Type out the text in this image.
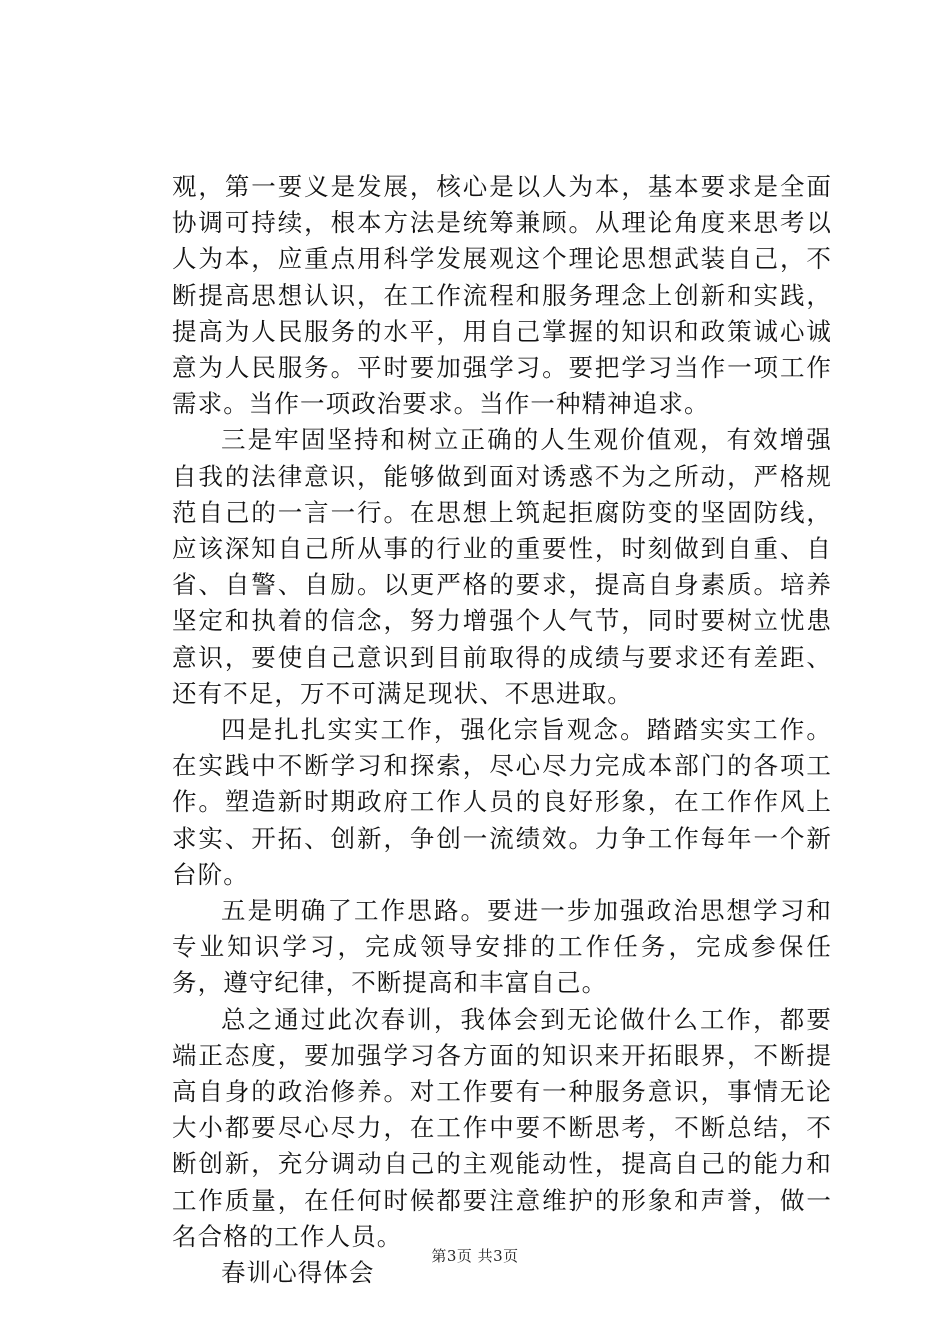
观，第一要义是发展，核心是以人为本，基本要求是全面协调可持续，根本方法是统筹兼顾。从理论角度来思考以人为本，应重点用科学发展观这个理论思想武装自己，不断提高思想认识，在工作流程和服务理念上创新和实践，提高为人民服务的水平，用自己掌握的知识和政策诚心诚意为人民服务。平时要加强学习。要把学习当作一项工作需求。当作一项政治要求。当作一种精神追求。

三是牢固坚持和树立正确的人生观价值观，有效增强自我的法律意识，能够做到面对诱惑不为之所动，严格规范自己的一言一行。在思想上筑起拒腐防变的坚固防线，应该深知自己所从事的行业的重要性，时刻做到自重、自省、自警、自励。以更严格的要求，提高自身素质。培养坚定和执着的信念，努力增强个人气节，同时要树立忧患意识，要使自己意识到目前取得的成绩与要求还有差距、还有不足，万不可满足现状、不思进取。

四是扎扎实实工作，强化宗旨观念。踏踏实实工作。在实践中不断学习和探索，尽心尽力完成本部门的各项工作。塑造新时期政府工作人员的良好形象，在工作作风上求实、开拓、创新，争创一流绩效。力争工作每年一个新台阶。

五是明确了工作思路。要进一步加强政治思想学习和专业知识学习，完成领导安排的工作任务，完成参保任务，遵守纪律，不断提高和丰富自己。

总之通过此次春训，我体会到无论做什么工作，都要端正态度，要加强学习各方面的知识来开拓眼界，不断提高自身的政治修养。对工作要有一种服务意识，事情无论大小都要尽心尽力，在工作中要不断思考，不断总结，不断创新，充分调动自己的主观能动性，提高自己的能力和工作质量，在任何时候都要注意维护的形象和声誉，做一名合格的工作人员。

春训心得体会

第3页 共3页
